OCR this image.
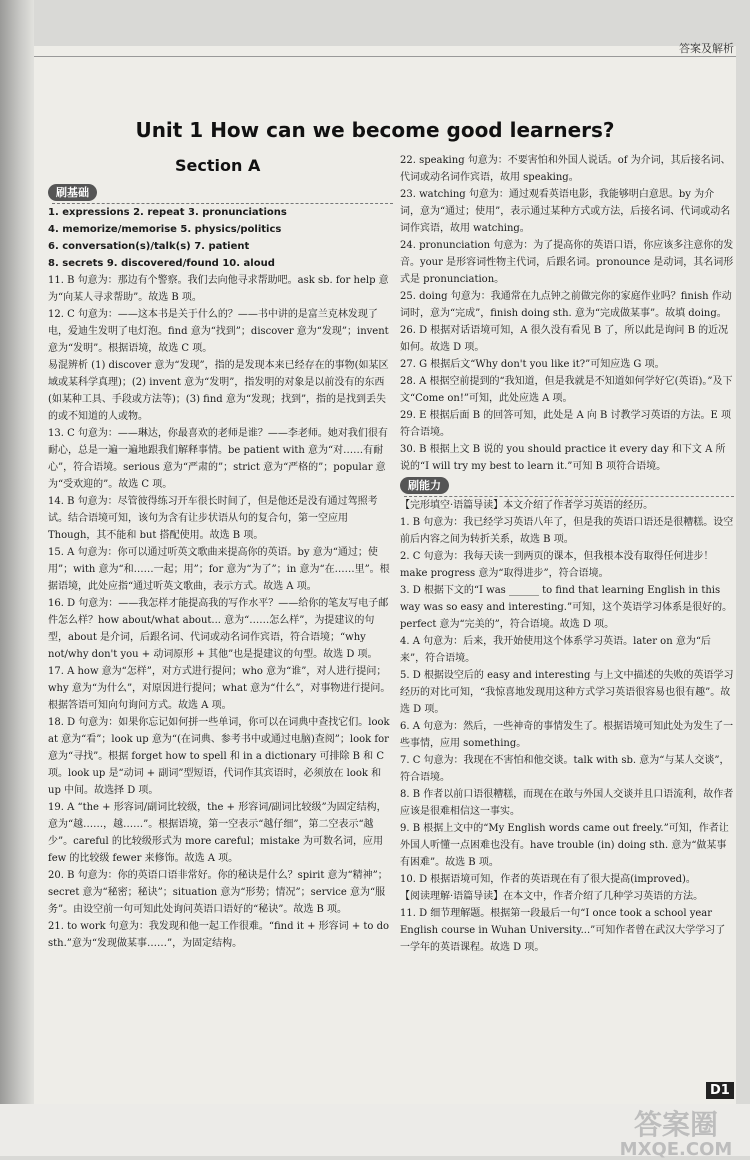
答案及解析
Unit 1 How can we become good learners?
Section A
刷基础

1. expressions 2. repeat 3. pronunciations

4. memorize/memorise 5. physics/politics

6. conversation(s)/talk(s) 7. patient

8. secrets 9. discovered/found 10. aloud

11. B 句意为：那边有个警察。我们去向他寻求帮助吧。ask sb. for help 意为“向某人寻求帮助”。故选 B 项。

12. C 句意为：——这本书是关于什么的？——书中讲的是富兰克林发现了电，爱迪生发明了电灯泡。find 意为“找到”；discover 意为“发现”；invent 意为“发明”。根据语境，故选 C 项。

易混辨析 (1) discover 意为“发现”，指的是发现本来已经存在的事物(如某区域或某科学真理)；(2) invent 意为“发明”，指发明的对象是以前没有的东西(如某种工具、手段或方法等)；(3) find 意为“发现；找到”，指的是找到丢失的或不知道的人或物。

13. C 句意为：——琳达，你最喜欢的老师是谁？——李老师。她对我们很有耐心，总是一遍一遍地跟我们解释事情。be patient with 意为“对……有耐心”，符合语境。serious 意为“严肃的”；strict 意为“严格的”；popular 意为“受欢迎的”。故选 C 项。

14. B 句意为：尽管彼得练习开车很长时间了，但是他还是没有通过驾照考试。结合语境可知，该句为含有让步状语从句的复合句，第一空应用 Though，其不能和 but 搭配使用。故选 B 项。

15. A 句意为：你可以通过听英文歌曲来提高你的英语。by 意为“通过；使用”；with 意为“和……一起；用”；for 意为“为了”；in 意为“在……里”。根据语境，此处应指“通过听英文歌曲，表示方式。故选 A 项。

16. D 句意为：——我怎样才能提高我的写作水平？——给你的笔友写电子邮件怎么样？how about/what about... 意为“……怎么样”，为提建议的句型，about 是介词，后跟名词、代词或动名词作宾语，符合语境；“why not/why don't you + 动词原形 + 其他”也是提建议的句型。故选 D 项。

17. A how 意为“怎样”，对方式进行提问；who 意为“谁”，对人进行提问；why 意为“为什么”，对原因进行提问；what 意为“什么”，对事物进行提问。根据答语可知向句询问方式。故选 A 项。

18. D 句意为：如果你忘记如何拼一些单词，你可以在词典中查找它们。look at 意为“看”；look up 意为“(在词典、参考书中或通过电脑)查阅”；look for 意为“寻找”。根据 forget how to spell 和 in a dictionary 可排除 B 和 C 项。look up 是“动词 + 副词”型短语，代词作其宾语时，必须放在 look 和 up 中间。故选择 D 项。

19. A “the + 形容词/副词比较级，the + 形容词/副词比较级”为固定结构，意为“越……，越……”。根据语境，第一空表示“越仔细”，第二空表示“越少”。careful 的比较级形式为 more careful；mistake 为可数名词，应用 few 的比较级 fewer 来修饰。故选 A 项。

20. B 句意为：你的英语口语非常好。你的秘诀是什么？spirit 意为“精神”；secret 意为“秘密；秘诀”；situation 意为“形势；情况”；service 意为“服务”。由设空前一句可知此处询问英语口语好的“秘诀”。故选 B 项。

21. to work 句意为：我发现和他一起工作很难。“find it + 形容词 + to do sth.”意为“发现做某事……”，为固定结构。

22. speaking 句意为：不要害怕和外国人说话。of 为介词，其后接名词、代词或动名词作宾语，故用 speaking。

23. watching 句意为：通过观看英语电影，我能够明白意思。by 为介词，意为“通过；使用”，表示通过某种方式或方法，后接名词、代词或动名词作宾语，故用 watching。

24. pronunciation 句意为：为了提高你的英语口语，你应该多注意你的发音。your 是形容词性物主代词，后跟名词。pronounce 是动词，其名词形式是 pronunciation。

25. doing 句意为：我通常在九点钟之前做完你的家庭作业吗？finish 作动词时，意为“完成”，finish doing sth. 意为“完成做某事”。故填 doing。

26. D 根据对话语境可知，A 很久没有看见 B 了，所以此是询问 B 的近况如何。故选 D 项。

27. G 根据后文“Why don't you like it?”可知应选 G 项。

28. A 根据空前提到的“我知道，但是我就是不知道如何学好它(英语)。”及下文“Come on!”可知，此处应选 A 项。

29. E 根据后面 B 的回答可知，此处是 A 向 B 讨教学习英语的方法。E 项符合语境。

30. B 根据上文 B 说的 you should practice it every day 和下文 A 所说的“I will try my best to learn it.”可知 B 项符合语境。

刷能力

【完形填空·语篇导读】本文介绍了作者学习英语的经历。

1. B 句意为：我已经学习英语八年了，但是我的英语口语还是很糟糕。设空前后内容之间为转折关系，故选 B 项。

2. C 句意为：我每天读一到两页的课本，但我根本没有取得任何进步！make progress 意为“取得进步”，符合语境。

3. D 根据下文的“I was ______ to find that learning English in this way was so easy and interesting.”可知，这个英语学习体系是很好的。perfect 意为“完美的”，符合语境。故选 D 项。

4. A 句意为：后来，我开始使用这个体系学习英语。later on 意为“后来”，符合语境。

5. D 根据设空后的 easy and interesting 与上文中描述的失败的英语学习经历的对比可知，“我惊喜地发现用这种方式学习英语很容易也很有趣”。故选 D 项。

6. A 句意为：然后，一些神奇的事情发生了。根据语境可知此处为发生了一些事情，应用 something。

7. C 句意为：我现在不害怕和他交谈。talk with sb. 意为“与某人交谈”，符合语境。

8. B 作者以前口语很糟糕，而现在在敢与外国人交谈并且口语流利，故作者应该是很难相信这一事实。

9. B 根据上文中的“My English words came out freely.”可知，作者让外国人听懂一点困难也没有。have trouble (in) doing sth. 意为“做某事有困难”。故选 B 项。

10. D 根据语境可知，作者的英语现在有了很大提高(improved)。

【阅读理解·语篇导读】在本文中，作者介绍了几种学习英语的方法。

11. D 细节理解题。根据第一段最后一句“I once took a school year English course in Wuhan University...”可知作者曾在武汉大学学习了一学年的英语课程。故选 D 项。

D1
答案圈
MXQE.COM
